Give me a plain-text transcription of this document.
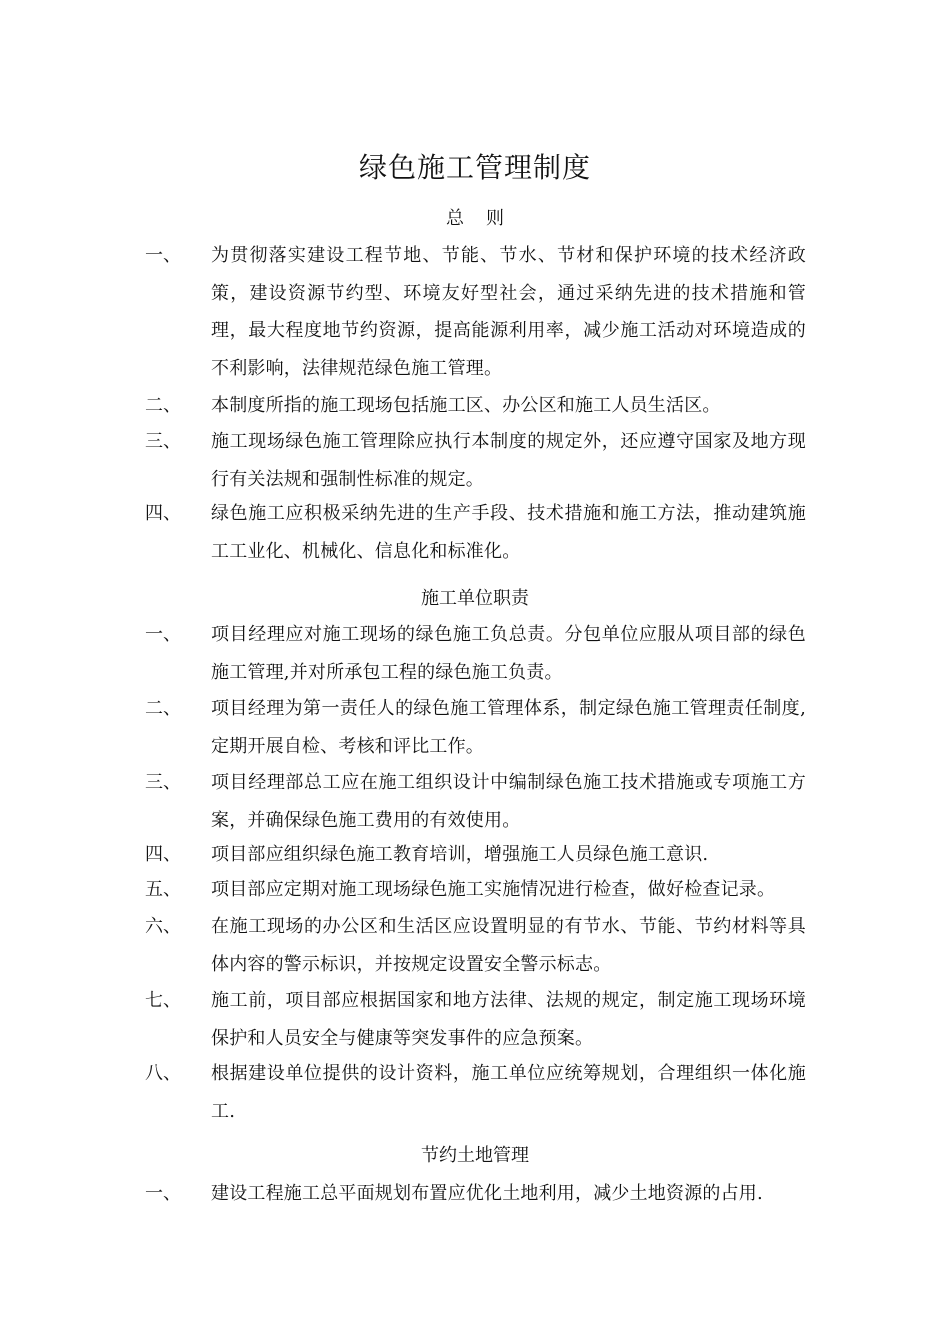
绿色施工管理制度
总 则
一、 为贯彻落实建设工程节地、节能、节水、节材和保护环境的技术经济政策，建设资源节约型、环境友好型社会，通过采纳先进的技术措施和管理，最大程度地节约资源，提高能源利用率，减少施工活动对环境造成的不利影响，法律规范绿色施工管理。
二、 本制度所指的施工现场包括施工区、办公区和施工人员生活区。
三、 施工现场绿色施工管理除应执行本制度的规定外，还应遵守国家及地方现行有关法规和强制性标准的规定。
四、 绿色施工应积极采纳先进的生产手段、技术措施和施工方法，推动建筑施工工业化、机械化、信息化和标准化。
施工单位职责
一、 项目经理应对施工现场的绿色施工负总责。分包单位应服从项目部的绿色施工管理,并对所承包工程的绿色施工负责。
二、 项目经理为第一责任人的绿色施工管理体系，制定绿色施工管理责任制度,定期开展自检、考核和评比工作。
三、 项目经理部总工应在施工组织设计中编制绿色施工技术措施或专项施工方案，并确保绿色施工费用的有效使用。
四、 项目部应组织绿色施工教育培训，增强施工人员绿色施工意识.
五、 项目部应定期对施工现场绿色施工实施情况进行检查，做好检查记录。
六、 在施工现场的办公区和生活区应设置明显的有节水、节能、节约材料等具体内容的警示标识，并按规定设置安全警示标志。
七、 施工前，项目部应根据国家和地方法律、法规的规定，制定施工现场环境保护和人员安全与健康等突发事件的应急预案。
八、 根据建设单位提供的设计资料，施工单位应统筹规划，合理组织一体化施工.
节约土地管理
一、 建设工程施工总平面规划布置应优化土地利用，减少土地资源的占用.
